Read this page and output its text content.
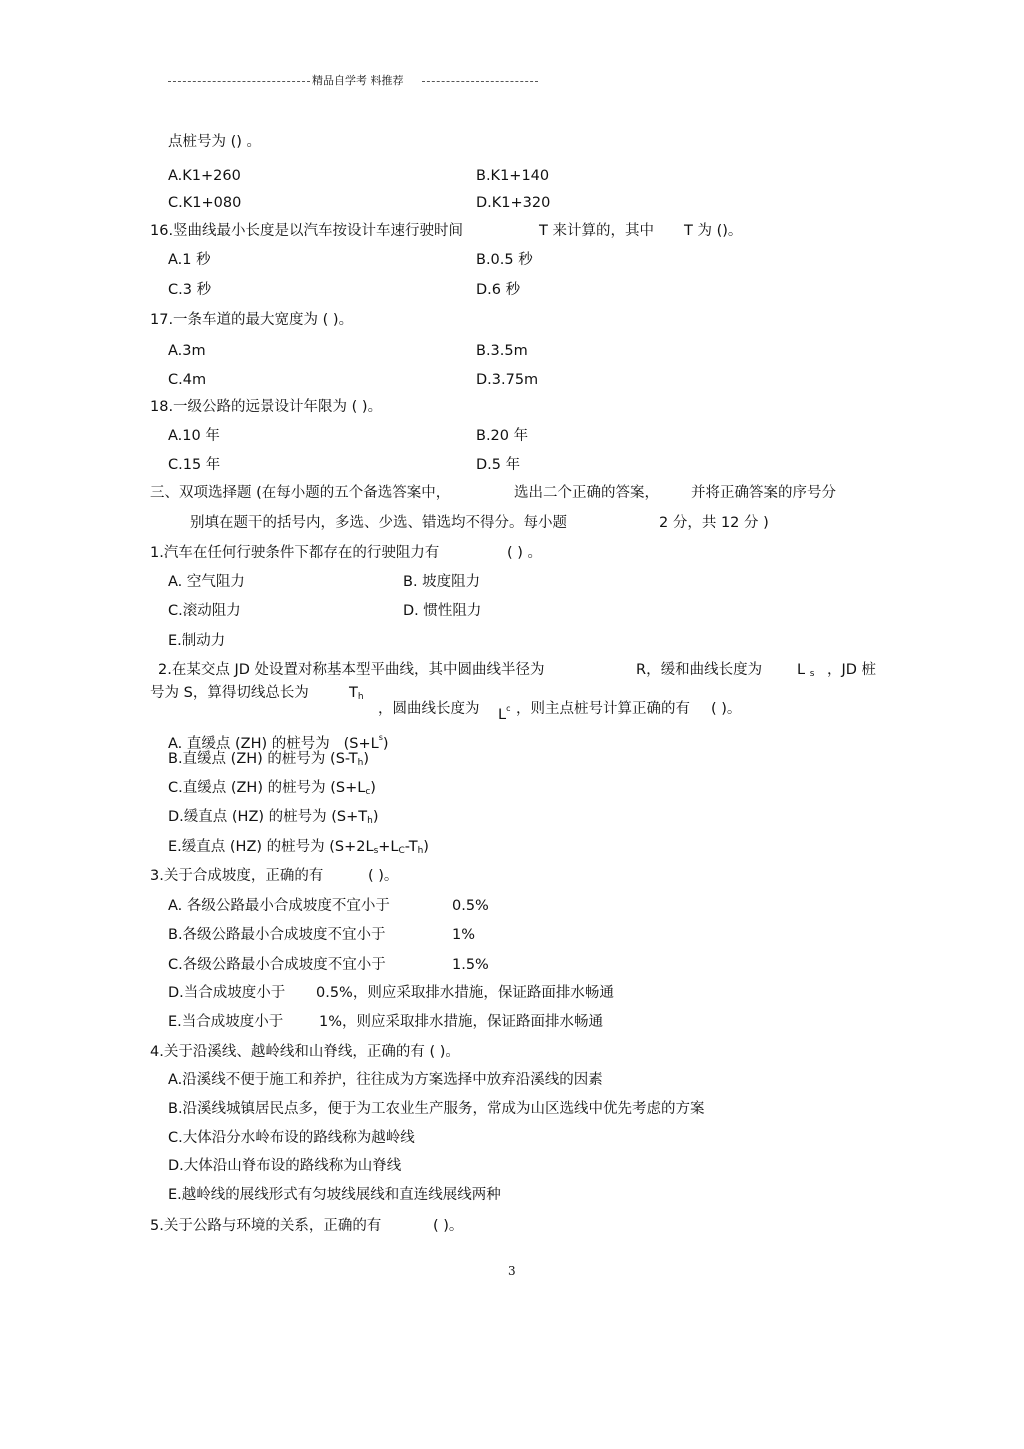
精品自学考 料推荐
点桩号为 () 。
A.K1+260	B.K1+140
C.K1+080	D.K1+320
16.竖曲线最小长度是以汽车按设计车速行驶时间	T 来计算的，其中 T 为 ()。
A.1 秒	B.0.5 秒
C.3 秒	D.6 秒
17.一条车道的最大宽度为 ( )。
A.3m	B.3.5m
C.4m	D.3.75m
18.一级公路的远景设计年限为 ( )。
A.10 年	B.20 年
C.15 年	D.5 年
三、双项选择题 (在每小题的五个备选答案中，	选出二个正确的答案， 并将正确答案的序号分
别填在题干的括号内，多选、少选、错选均不得分。每小题	2 分，共 12 分 )
1.汽车在任何行驶条件下都存在的行驶阻力有	( ) 。
A. 空气阻力	B. 坡度阻力
C.滚动阻力	D. 惯性阻力
E.制动力
2.在某交点 JD 处设置对称基本型平曲线，其中圆曲线半径为	R，缓和曲线长度为 L $_s$ ，JD 桩
号为 S，算得切线总长为	$T_h$
，圆曲线长度为 $L^c$ ，则主点桩号计算正确的有 ( )。
A. 直缓点 (ZH) 的桩号为 $(S+L^s)$
B.直缓点 (ZH) 的桩号为 $(S-T_h)$
C.直缓点 (ZH) 的桩号为 $(S+L_c)$
D.缓直点 (HZ) 的桩号为 $(S+T_h)$
E.缓直点 (HZ) 的桩号为 $(S+2L_s+L_C-T_h)$
3.关于合成坡度，正确的有	( )。
A. 各级公路最小合成坡度不宜小于	0.5%
B.各级公路最小合成坡度不宜小于	1%
C.各级公路最小合成坡度不宜小于	1.5%
D.当合成坡度小于 0.5%，则应采取排水措施，保证路面排水畅通
E.当合成坡度小于 1%，则应采取排水措施，保证路面排水畅通
4.关于沿溪线、越岭线和山脊线，正确的有 ( )。
A.沿溪线不便于施工和养护，往往成为方案选择中放弃沿溪线的因素
B.沿溪线城镇居民点多，便于为工农业生产服务，常成为山区选线中优先考虑的方案
C.大体沿分水岭布设的路线称为越岭线
D.大体沿山脊布设的路线称为山脊线
E.越岭线的展线形式有匀坡线展线和直连线展线两种
5.关于公路与环境的关系，正确的有	( )。
3
